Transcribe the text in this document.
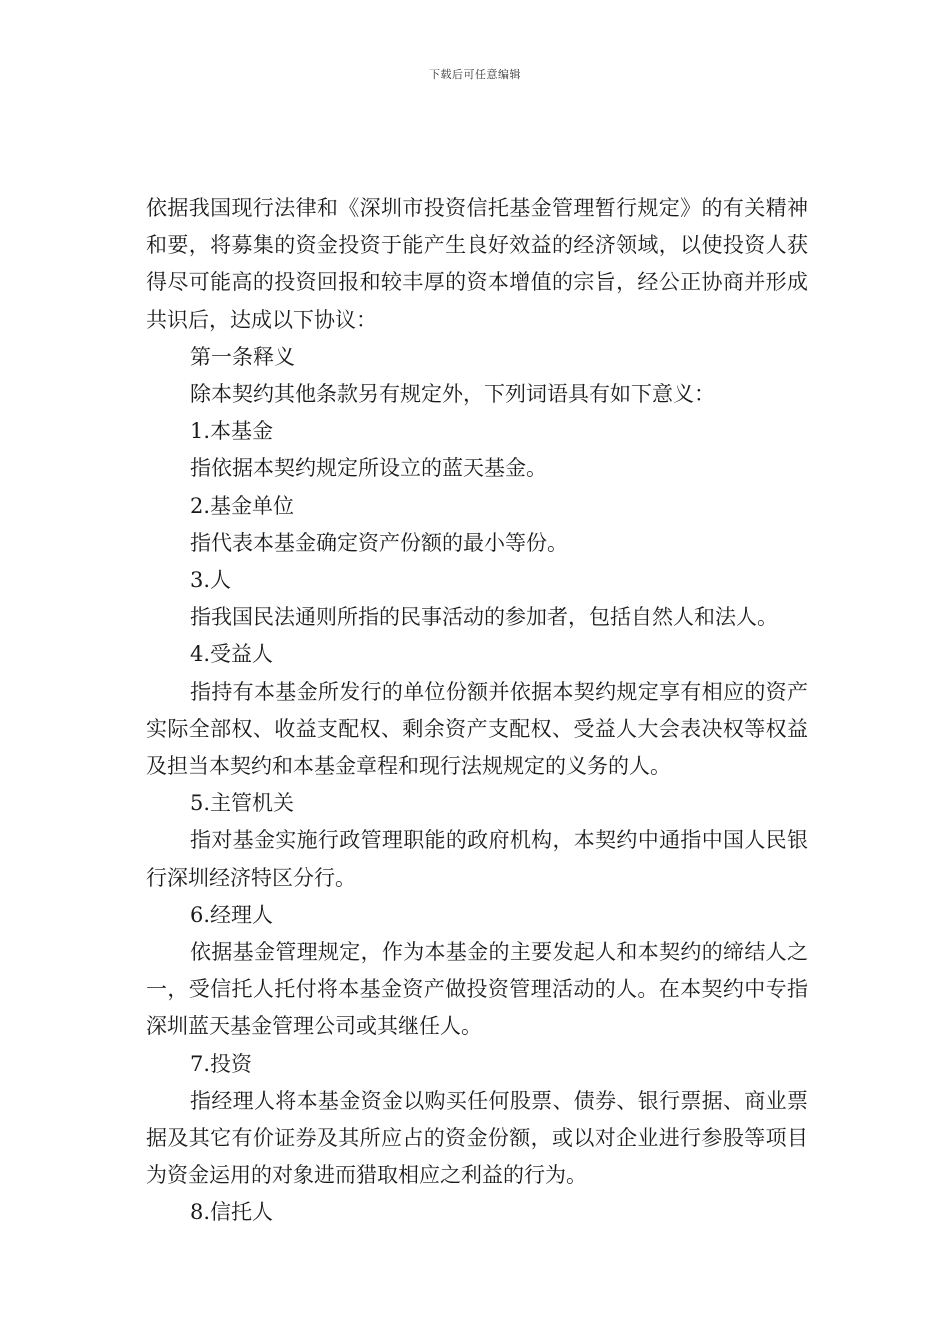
下载后可任意编辑

依据我国现行法律和《深圳市投资信托基金管理暂行规定》的有关精神和要，将募集的资金投资于能产生良好效益的经济领域，以使投资人获得尽可能高的投资回报和较丰厚的资本增值的宗旨，经公正协商并形成共识后，达成以下协议：

第一条释义

除本契约其他条款另有规定外，下列词语具有如下意义：

1.本基金

指依据本契约规定所设立的蓝天基金。

2.基金单位

指代表本基金确定资产份额的最小等份。

3.人

指我国民法通则所指的民事活动的参加者，包括自然人和法人。

4.受益人

指持有本基金所发行的单位份额并依据本契约规定享有相应的资产实际全部权、收益支配权、剩余资产支配权、受益人大会表决权等权益及担当本契约和本基金章程和现行法规规定的义务的人。

5.主管机关

指对基金实施行政管理职能的政府机构，本契约中通指中国人民银行深圳经济特区分行。

6.经理人

依据基金管理规定，作为本基金的主要发起人和本契约的缔结人之一，受信托人托付将本基金资产做投资管理活动的人。在本契约中专指深圳蓝天基金管理公司或其继任人。

7.投资

指经理人将本基金资金以购买任何股票、债券、银行票据、商业票据及其它有价证券及其所应占的资金份额，或以对企业进行参股等项目为资金运用的对象进而猎取相应之利益的行为。

8.信托人
